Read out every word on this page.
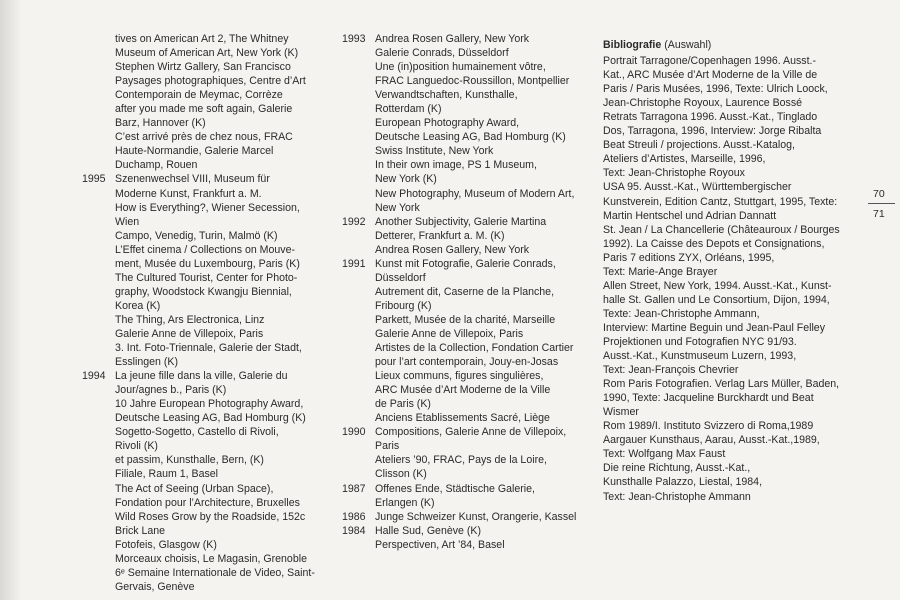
tives on American Art 2, The Whitney
Museum of American Art, New York (K)
Stephen Wirtz Gallery, San Francisco
Paysages photographiques, Centre d’Art
Contemporain de Meymac, Corrèze
after you made me soft again, Galerie
Barz, Hannover (K)
C’est arrivé près de chez nous, FRAC
Haute-Normandie, Galerie Marcel
Duchamp, Rouen
1995 Szenenwechsel VIII, Museum für
Moderne Kunst, Frankfurt a. M.
How is Everything?, Wiener Secession,
Wien
Campo, Venedig, Turin, Malmö (K)
L’Effet cinema / Collections on Mouve-
ment, Musée du Luxembourg, Paris (K)
The Cultured Tourist, Center for Photo-
graphy, Woodstock Kwangju Biennial,
Korea (K)
The Thing, Ars Electronica, Linz
Galerie Anne de Villepoix, Paris
3. Int. Foto-Triennale, Galerie der Stadt,
Esslingen (K)
1994 La jeune fille dans la ville, Galerie du
Jour/agnes b., Paris (K)
10 Jahre European Photography Award,
Deutsche Leasing AG, Bad Homburg (K)
Sogetto-Sogetto, Castello di Rivoli,
Rivoli (K)
et passim, Kunsthalle, Bern, (K)
Filiale, Raum 1, Basel
The Act of Seeing (Urban Space),
Fondation pour l’Architecture, Bruxelles
Wild Roses Grow by the Roadside, 152c
Brick Lane
Fotofeis, Glasgow (K)
Morceaux choisis, Le Magasin, Grenoble
6ᵉ Semaine Internationale de Video, Saint-
Gervais, Genève
1993 Andrea Rosen Gallery, New York
Galerie Conrads, Düsseldorf
Une (in)position humainement vôtre,
FRAC Languedoc-Roussillon, Montpellier
Verwandtschaften, Kunsthalle,
Rotterdam (K)
European Photography Award,
Deutsche Leasing AG, Bad Homburg (K)
Swiss Institute, New York
In their own image, PS 1 Museum,
New York (K)
New Photography, Museum of Modern Art,
New York
1992 Another Subjectivity, Galerie Martina
Detterer, Frankfurt a. M. (K)
Andrea Rosen Gallery, New York
1991 Kunst mit Fotografie, Galerie Conrads,
Düsseldorf
Autrement dit, Caserne de la Planche,
Fribourg (K)
Parkett, Musée de la charité, Marseille
Galerie Anne de Villepoix, Paris
Artistes de la Collection, Fondation Cartier
pour l’art contemporain, Jouy-en-Josas
Lieux communs, figures singulières,
ARC Musée d’Art Moderne de la Ville
de Paris (K)
Anciens Etablissements Sacré, Liège
1990 Compositions, Galerie Anne de Villepoix,
Paris
Ateliers ’90, FRAC, Pays de la Loire,
Clisson (K)
1987 Offenes Ende, Städtische Galerie,
Erlangen (K)
1986 Junge Schweizer Kunst, Orangerie, Kassel
1984 Halle Sud, Genève (K)
Perspectiven, Art ’84, Basel
Bibliografie (Auswahl)
Portrait Tarragone/Copenhagen 1996. Ausst.-
Kat., ARC Musée d’Art Moderne de la Ville de
Paris / Paris Musées, 1996, Texte: Ulrich Loock,
Jean-Christophe Royoux, Laurence Bossé
Retrats Tarragona 1996. Ausst.-Kat., Tinglado
Dos, Tarragona, 1996, Interview: Jorge Ribalta
Beat Streuli / projections. Ausst.-Katalog,
Ateliers d’Artistes, Marseille, 1996,
Text: Jean-Christophe Royoux
USA 95. Ausst.-Kat., Württembergischer
Kunstverein, Edition Cantz, Stuttgart, 1995, Texte:
Martin Hentschel und Adrian Dannatt
St. Jean / La Chancellerie (Châteauroux / Bourges
1992). La Caisse des Depots et Consignations,
Paris 7 editions ZYX, Orléans, 1995,
Text: Marie-Ange Brayer
Allen Street, New York, 1994. Ausst.-Kat., Kunst-
halle St. Gallen und Le Consortium, Dijon, 1994,
Texte: Jean-Christophe Ammann,
Interview: Martine Beguin und Jean-Paul Felley
Projektionen und Fotografien NYC 91/93.
Ausst.-Kat., Kunstmuseum Luzern, 1993,
Text: Jean-François Chevrier
Rom Paris Fotografien. Verlag Lars Müller, Baden,
1990, Texte: Jacqueline Burckhardt und Beat
Wismer
Rom 1989/I. Instituto Svizzero di Roma,1989
Aargauer Kunsthaus, Aarau, Ausst.-Kat.,1989,
Text: Wolfgang Max Faust
Die reine Richtung, Ausst.-Kat.,
Kunsthalle Palazzo, Liestal, 1984,
Text: Jean-Christophe Ammann
70
71
